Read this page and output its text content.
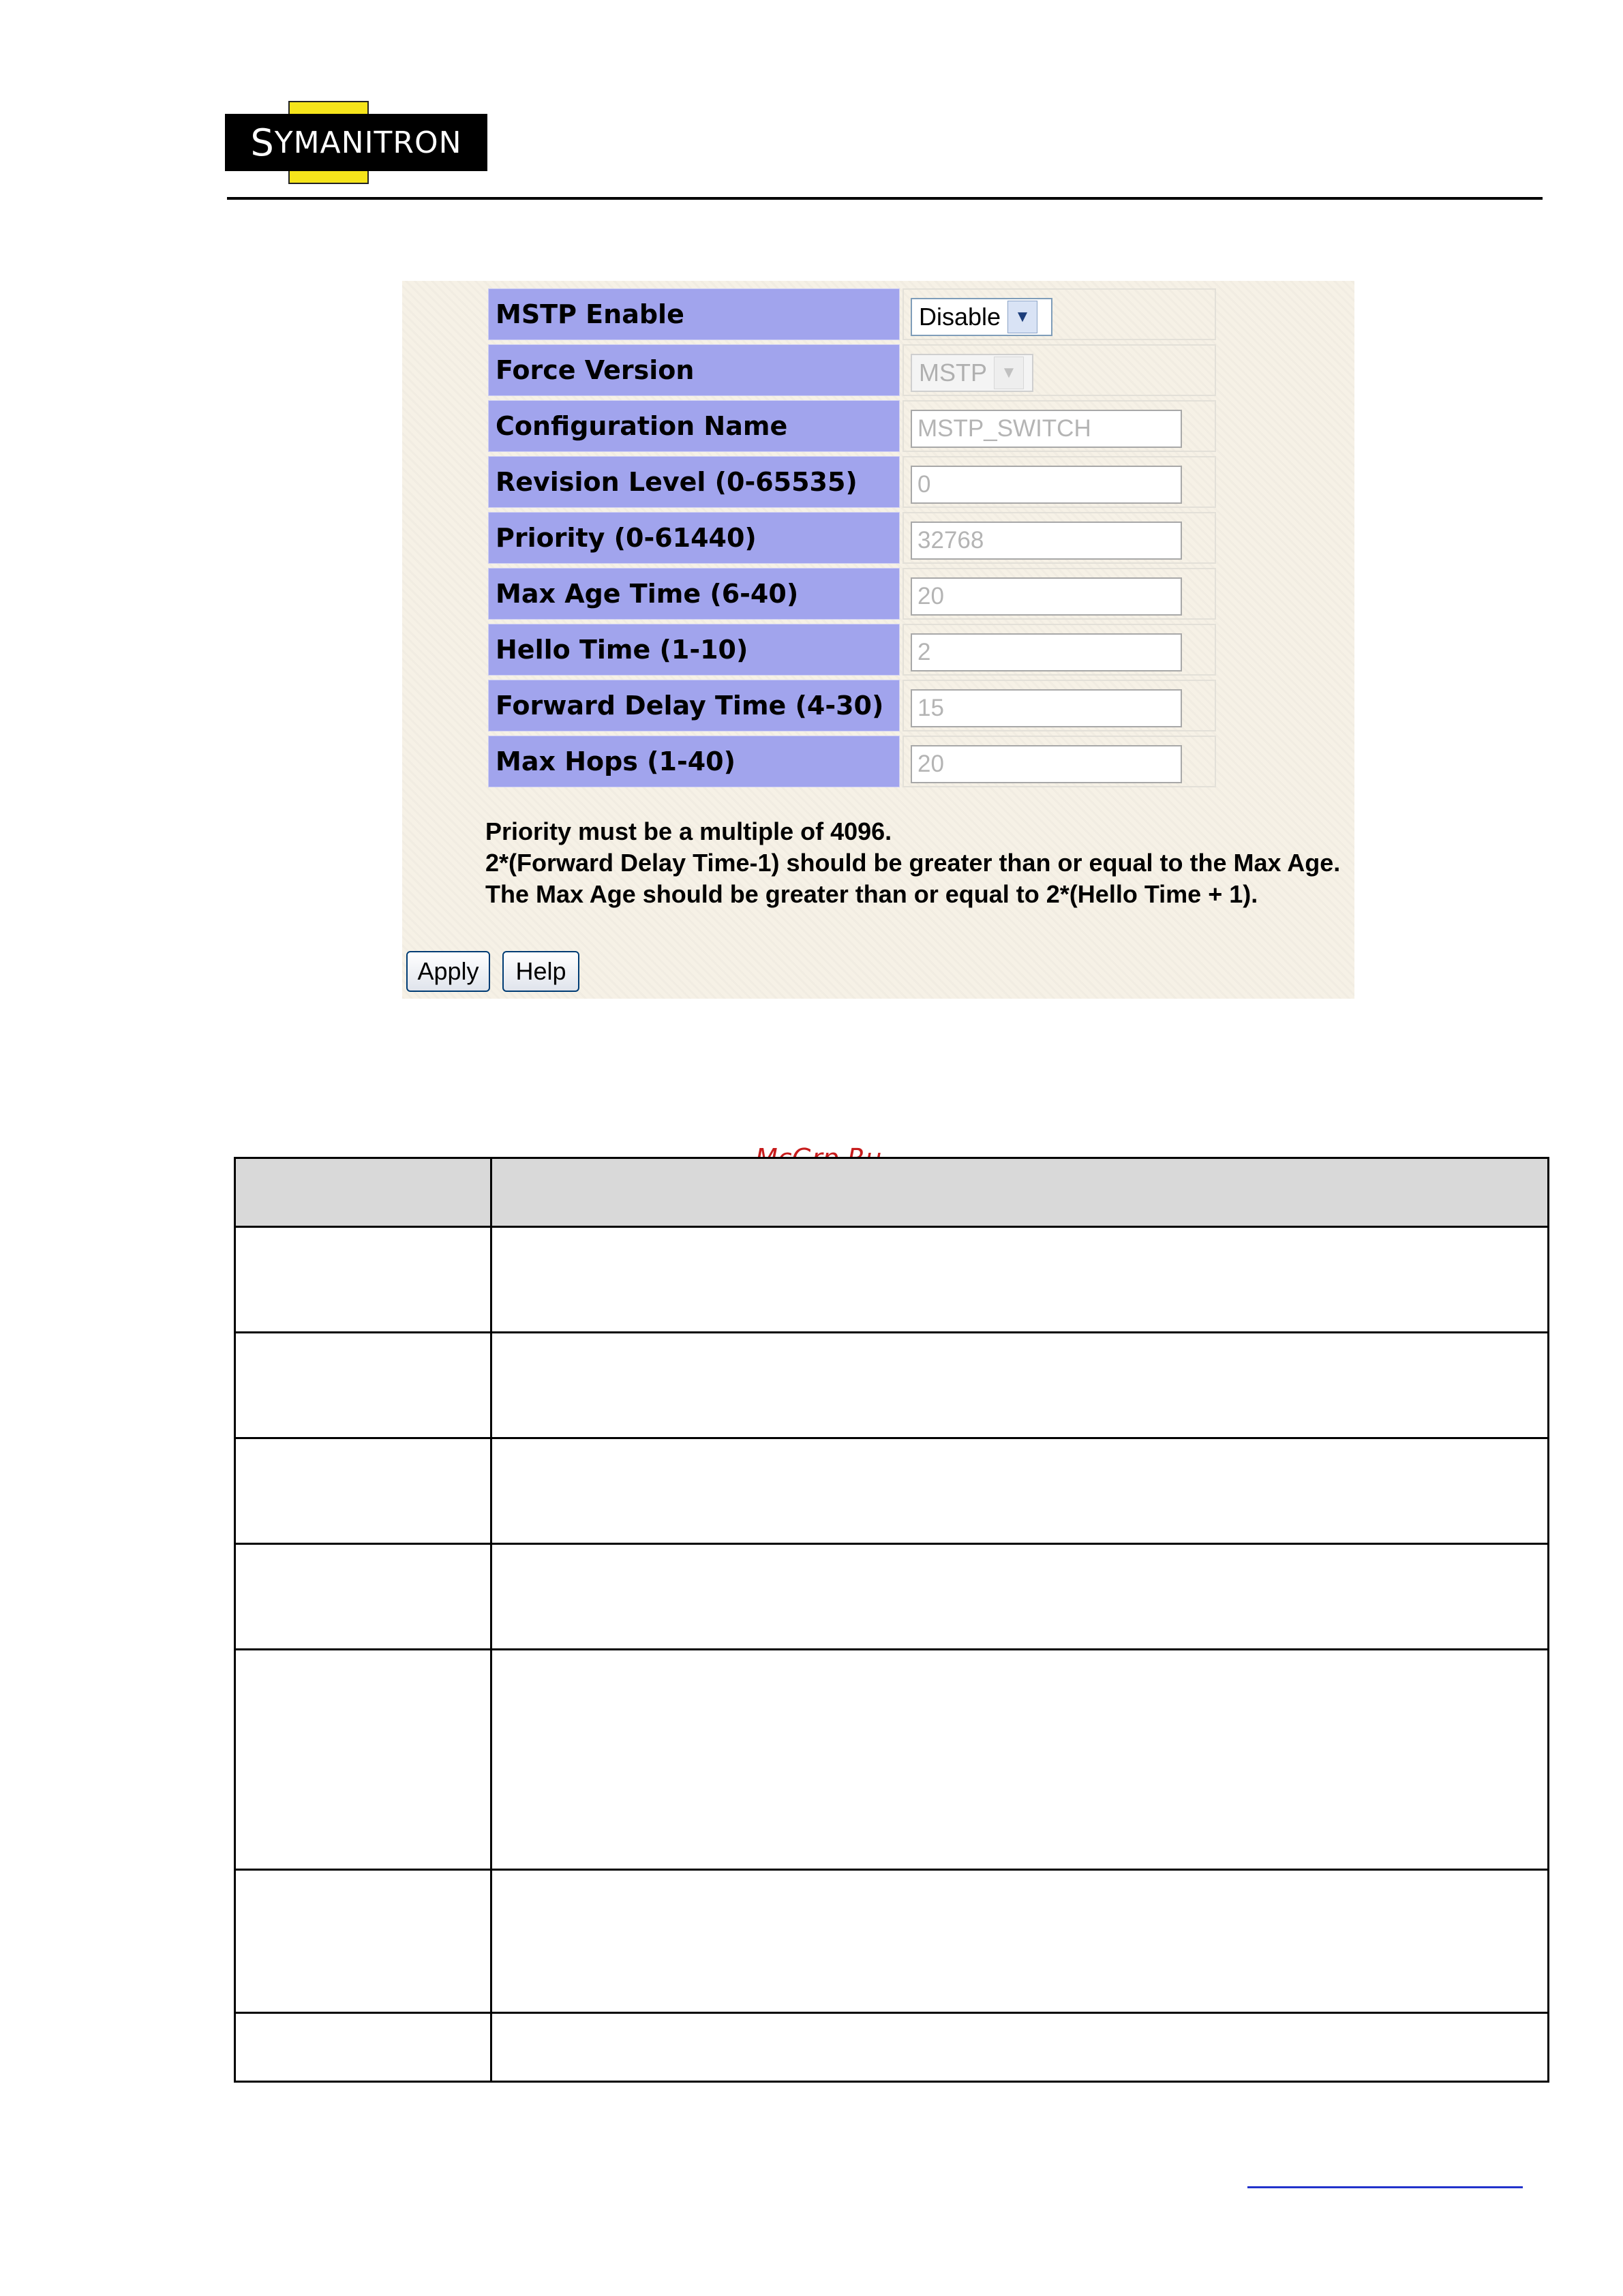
S YMANITRON
MSTP Enable	Disable ▼
Force Version	MSTP ▼
Configuration Name	MSTP_SWITCH
Revision Level (0-65535)	0
Priority (0-61440)	32768
Max Age Time (6-40)	20
Hello Time (1-10)	2
Forward Delay Time (4-30)	15
Max Hops (1-40)	20
Priority must be a multiple of 4096.
2*(Forward Delay Time-1) should be greater than or equal to the Max Age.
The Max Age should be greater than or equal to 2*(Hello Time + 1).
Apply	Help
